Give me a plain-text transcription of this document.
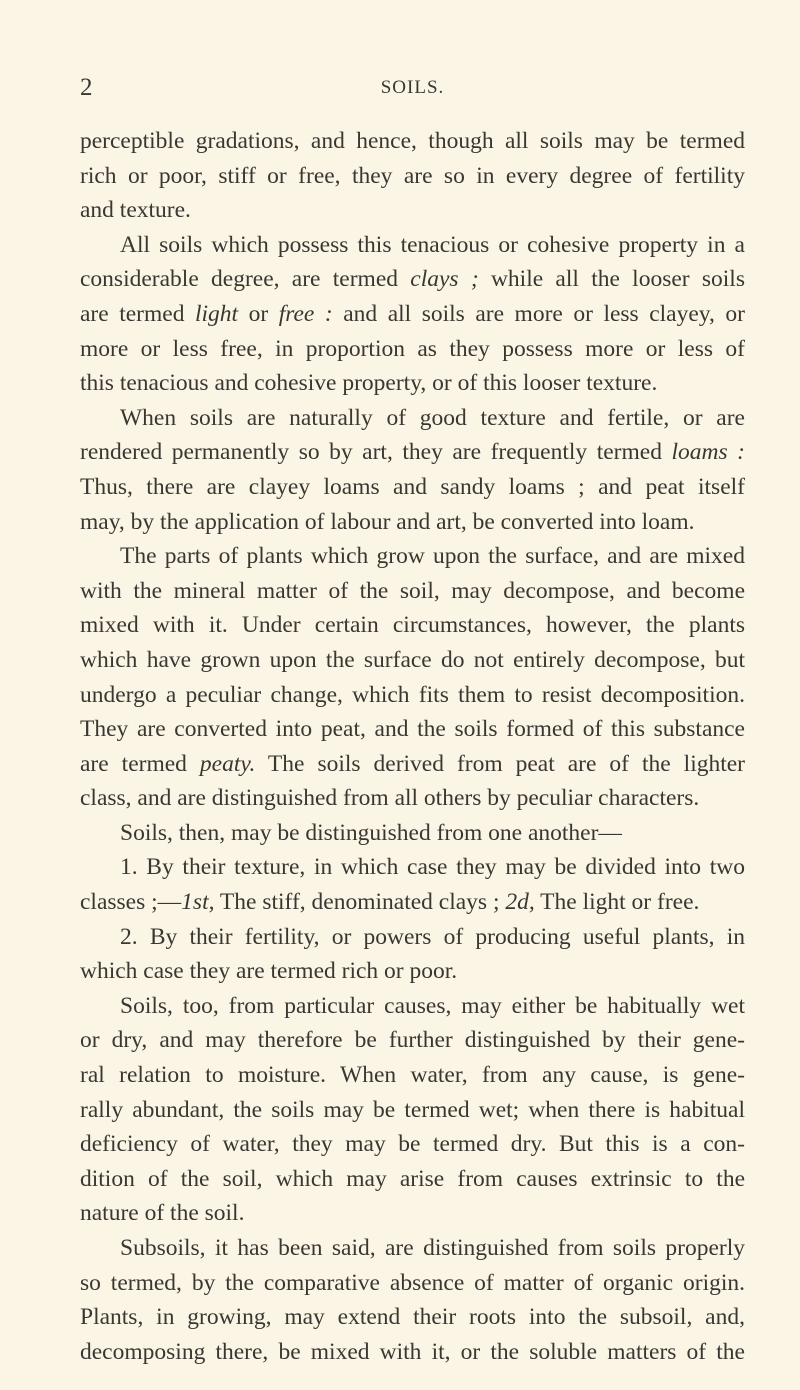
2	SOILS.
perceptible gradations, and hence, though all soils may be termed
rich or poor, stiff or free, they are so in every degree of fertility
and texture.
All soils which possess this tenacious or cohesive property in a
considerable degree, are termed clays ; while all the looser soils
are termed light or free : and all soils are more or less clayey, or
more or less free, in proportion as they possess more or less of
this tenacious and cohesive property, or of this looser texture.
When soils are naturally of good texture and fertile, or are
rendered permanently so by art, they are frequently termed loams :
Thus, there are clayey loams and sandy loams ; and peat itself
may, by the application of labour and art, be converted into loam.
The parts of plants which grow upon the surface, and are mixed
with the mineral matter of the soil, may decompose, and become
mixed with it. Under certain circumstances, however, the plants
which have grown upon the surface do not entirely decompose, but
undergo a peculiar change, which fits them to resist decomposition.
They are converted into peat, and the soils formed of this substance
are termed peaty. The soils derived from peat are of the lighter
class, and are distinguished from all others by peculiar characters.
Soils, then, may be distinguished from one another—
1. By their texture, in which case they may be divided into two
classes ;—1st, The stiff, denominated clays ; 2d, The light or free.
2. By their fertility, or powers of producing useful plants, in
which case they are termed rich or poor.
Soils, too, from particular causes, may either be habitually wet
or dry, and may therefore be further distinguished by their gene-
ral relation to moisture. When water, from any cause, is gene-
rally abundant, the soils may be termed wet; when there is habitual
deficiency of water, they may be termed dry. But this is a con-
dition of the soil, which may arise from causes extrinsic to the
nature of the soil.
Subsoils, it has been said, are distinguished from soils properly
so termed, by the comparative absence of matter of organic origin.
Plants, in growing, may extend their roots into the subsoil, and,
decomposing there, be mixed with it, or the soluble matters of the
